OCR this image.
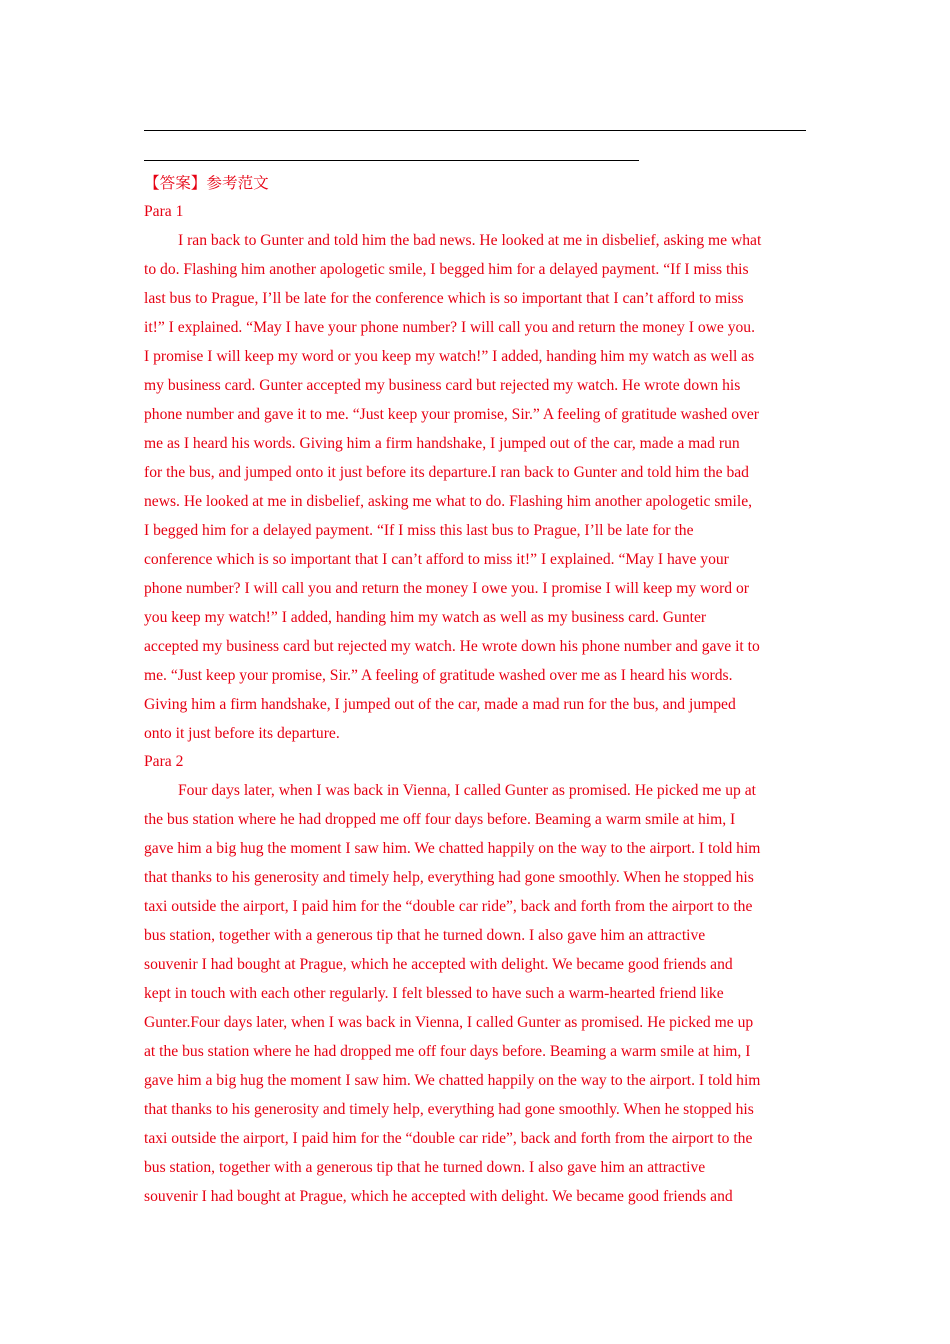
【答案】参考范文
Para 1
I ran back to Gunter and told him the bad news. He looked at me in disbelief, asking me what
to do. Flashing him another apologetic smile, I begged him for a delayed payment. “If I miss this
last bus to Prague, I’ll be late for the conference which is so important that I can’t afford to miss
it!” I explained. “May I have your phone number? I will call you and return the money I owe you.
I promise I will keep my word or you keep my watch!” I added, handing him my watch as well as
my business card. Gunter accepted my business card but rejected my watch. He wrote down his
phone number and gave it to me. “Just keep your promise, Sir.” A feeling of gratitude washed over
me as I heard his words. Giving him a firm handshake, I jumped out of the car, made a mad run
for the bus, and jumped onto it just before its departure.I ran back to Gunter and told him the bad
news. He looked at me in disbelief, asking me what to do. Flashing him another apologetic smile,
I begged him for a delayed payment. “If I miss this last bus to Prague, I’ll be late for the
conference which is so important that I can’t afford to miss it!” I explained. “May I have your
phone number? I will call you and return the money I owe you. I promise I will keep my word or
you keep my watch!” I added, handing him my watch as well as my business card. Gunter
accepted my business card but rejected my watch. He wrote down his phone number and gave it to
me. “Just keep your promise, Sir.” A feeling of gratitude washed over me as I heard his words.
Giving him a firm handshake, I jumped out of the car, made a mad run for the bus, and jumped
onto it just before its departure.
Para 2
Four days later, when I was back in Vienna, I called Gunter as promised. He picked me up at
the bus station where he had dropped me off four days before. Beaming a warm smile at him, I
gave him a big hug the moment I saw him. We chatted happily on the way to the airport. I told him
that thanks to his generosity and timely help, everything had gone smoothly. When he stopped his
taxi outside the airport, I paid him for the “double car ride”, back and forth from the airport to the
bus station, together with a generous tip that he turned down. I also gave him an attractive
souvenir I had bought at Prague, which he accepted with delight. We became good friends and
kept in touch with each other regularly. I felt blessed to have such a warm-hearted friend like
Gunter.Four days later, when I was back in Vienna, I called Gunter as promised. He picked me up
at the bus station where he had dropped me off four days before. Beaming a warm smile at him, I
gave him a big hug the moment I saw him. We chatted happily on the way to the airport. I told him
that thanks to his generosity and timely help, everything had gone smoothly. When he stopped his
taxi outside the airport, I paid him for the “double car ride”, back and forth from the airport to the
bus station, together with a generous tip that he turned down. I also gave him an attractive
souvenir I had bought at Prague, which he accepted with delight. We became good friends and
